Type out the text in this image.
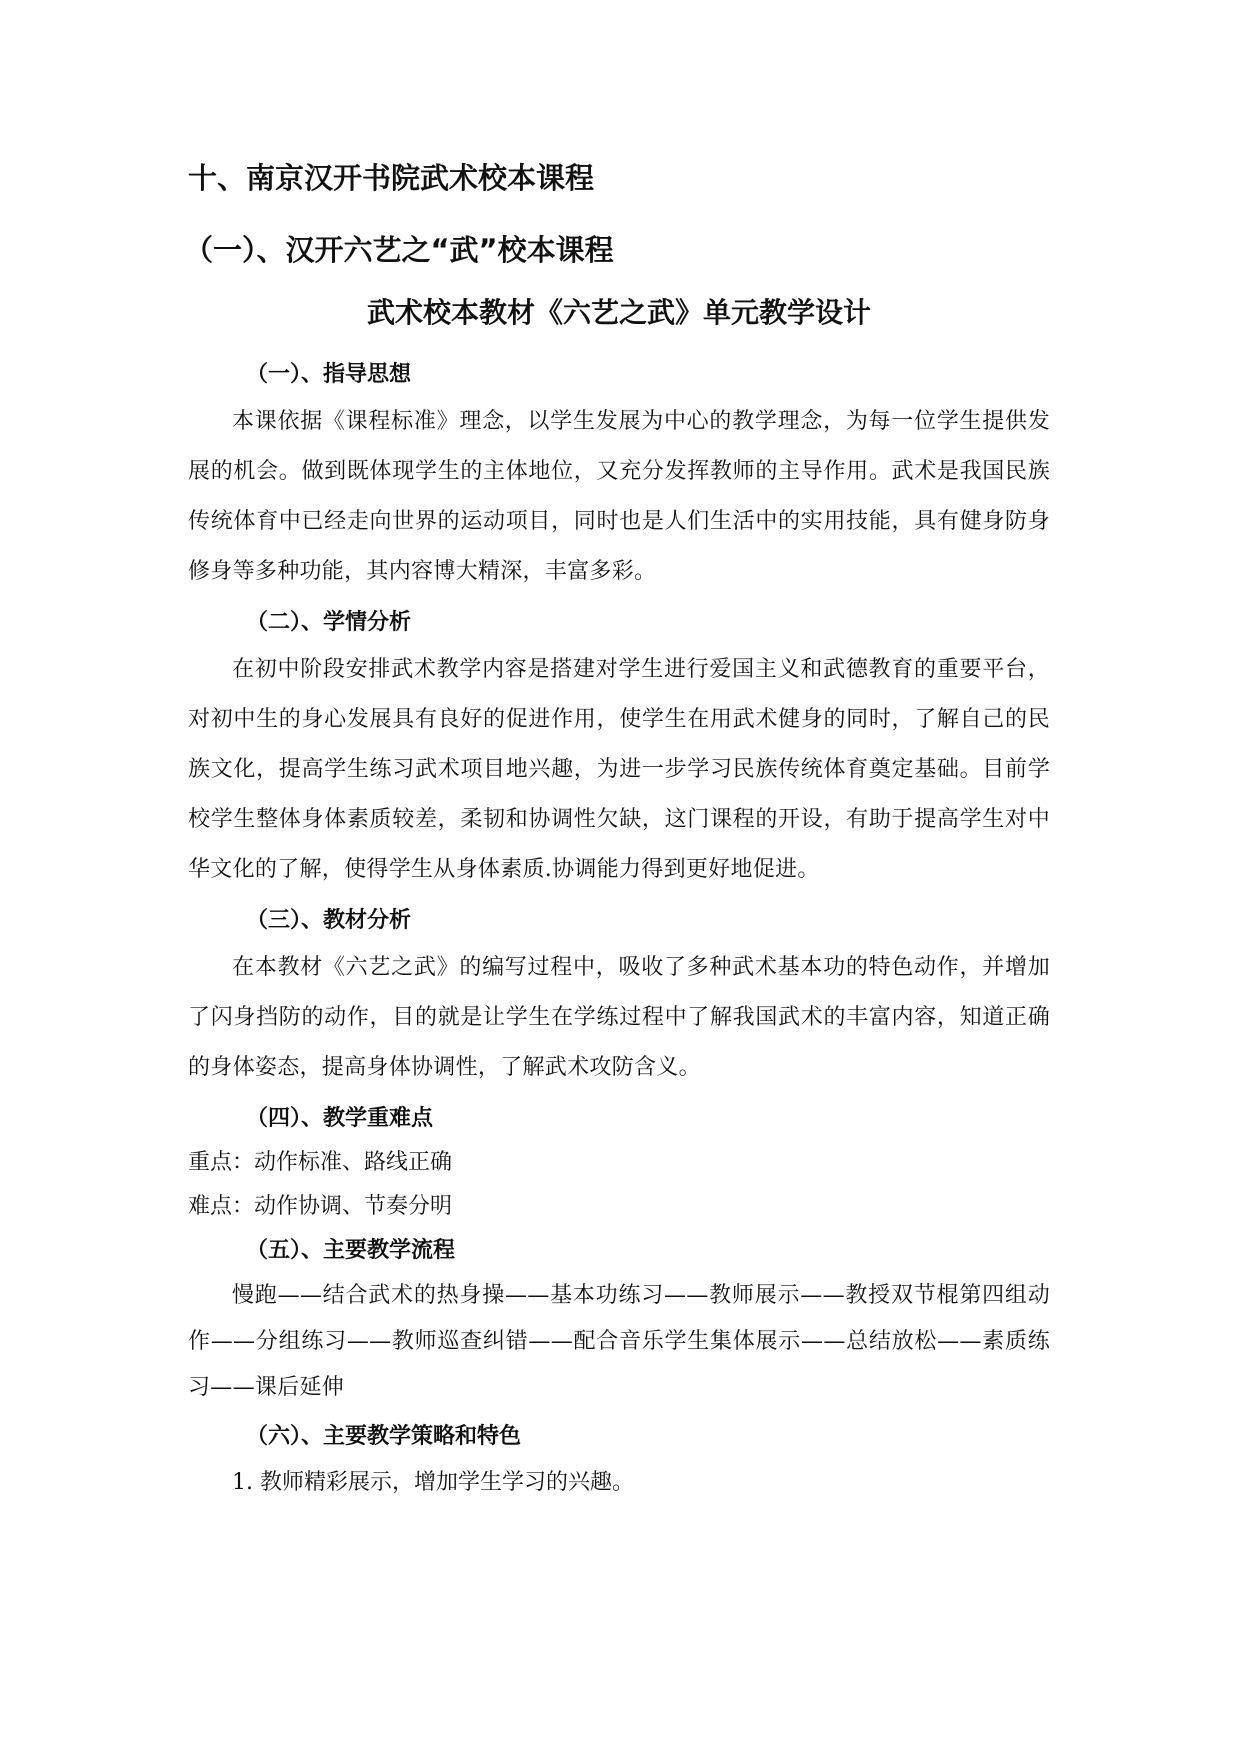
十、南京汉开书院武术校本课程
（一）、汉开六艺之“武”校本课程
武术校本教材《六艺之武》单元教学设计

（一）、指导思想

本课依据《课程标准》理念，以学生发展为中心的教学理念，为每一位学生提供发展的机会。做到既体现学生的主体地位，又充分发挥教师的主导作用。武术是我国民族传统体育中已经走向世界的运动项目，同时也是人们生活中的实用技能，具有健身防身修身等多种功能，其内容博大精深，丰富多彩。

（二）、学情分析

在初中阶段安排武术教学内容是搭建对学生进行爱国主义和武德教育的重要平台，对初中生的身心发展具有良好的促进作用，使学生在用武术健身的同时，了解自己的民族文化，提高学生练习武术项目地兴趣，为进一步学习民族传统体育奠定基础。目前学校学生整体身体素质较差，柔韧和协调性欠缺，这门课程的开设，有助于提高学生对中华文化的了解，使得学生从身体素质.协调能力得到更好地促进。

（三）、教材分析

在本教材《六艺之武》的编写过程中，吸收了多种武术基本功的特色动作，并增加了闪身挡防的动作，目的就是让学生在学练过程中了解我国武术的丰富内容，知道正确的身体姿态，提高身体协调性，了解武术攻防含义。

（四）、教学重难点

重点：动作标准、路线正确

难点：动作协调、节奏分明

（五）、主要教学流程

慢跑——结合武术的热身操——基本功练习——教师展示——教授双节棍第四组动作——分组练习——教师巡查纠错——配合音乐学生集体展示——总结放松——素质练习——课后延伸

（六）、主要教学策略和特色

1. 教师精彩展示，增加学生学习的兴趣。
